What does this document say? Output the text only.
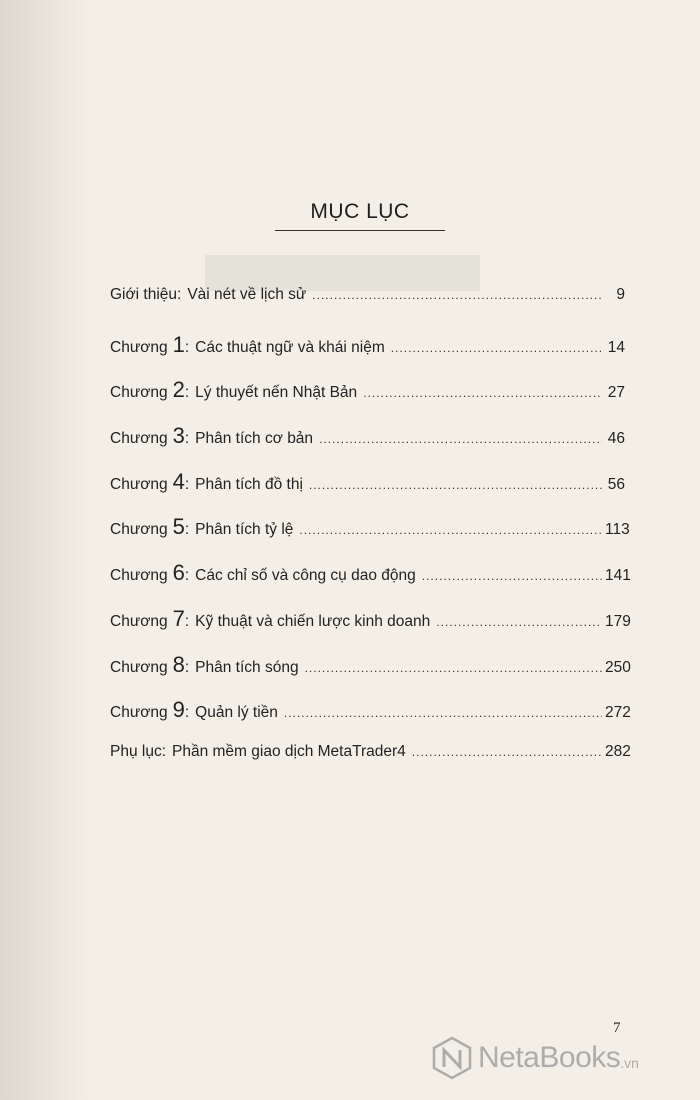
MỤC LỤC
Giới thiệu: Vài nét về lịch sử .....	9
Chương 1 : Các thuật ngữ và khái niệm .....	14
Chương 2 : Lý thuyết nến Nhật Bản .....	27
Chương 3 : Phân tích cơ bản .....	46
Chương 4 : Phân tích đồ thị .....	56
Chương 5 : Phân tích tỷ lệ .....	113
Chương 6 : Các chỉ số và công cụ dao động .....	141
Chương 7 : Kỹ thuật và chiến lược kinh doanh .....	179
Chương 8 : Phân tích sóng .....	250
Chương 9 : Quản lý tiền .....	272
Phụ lục: Phần mềm giao dịch MetaTrader4 .....	282
7
NetaBooks .vn
